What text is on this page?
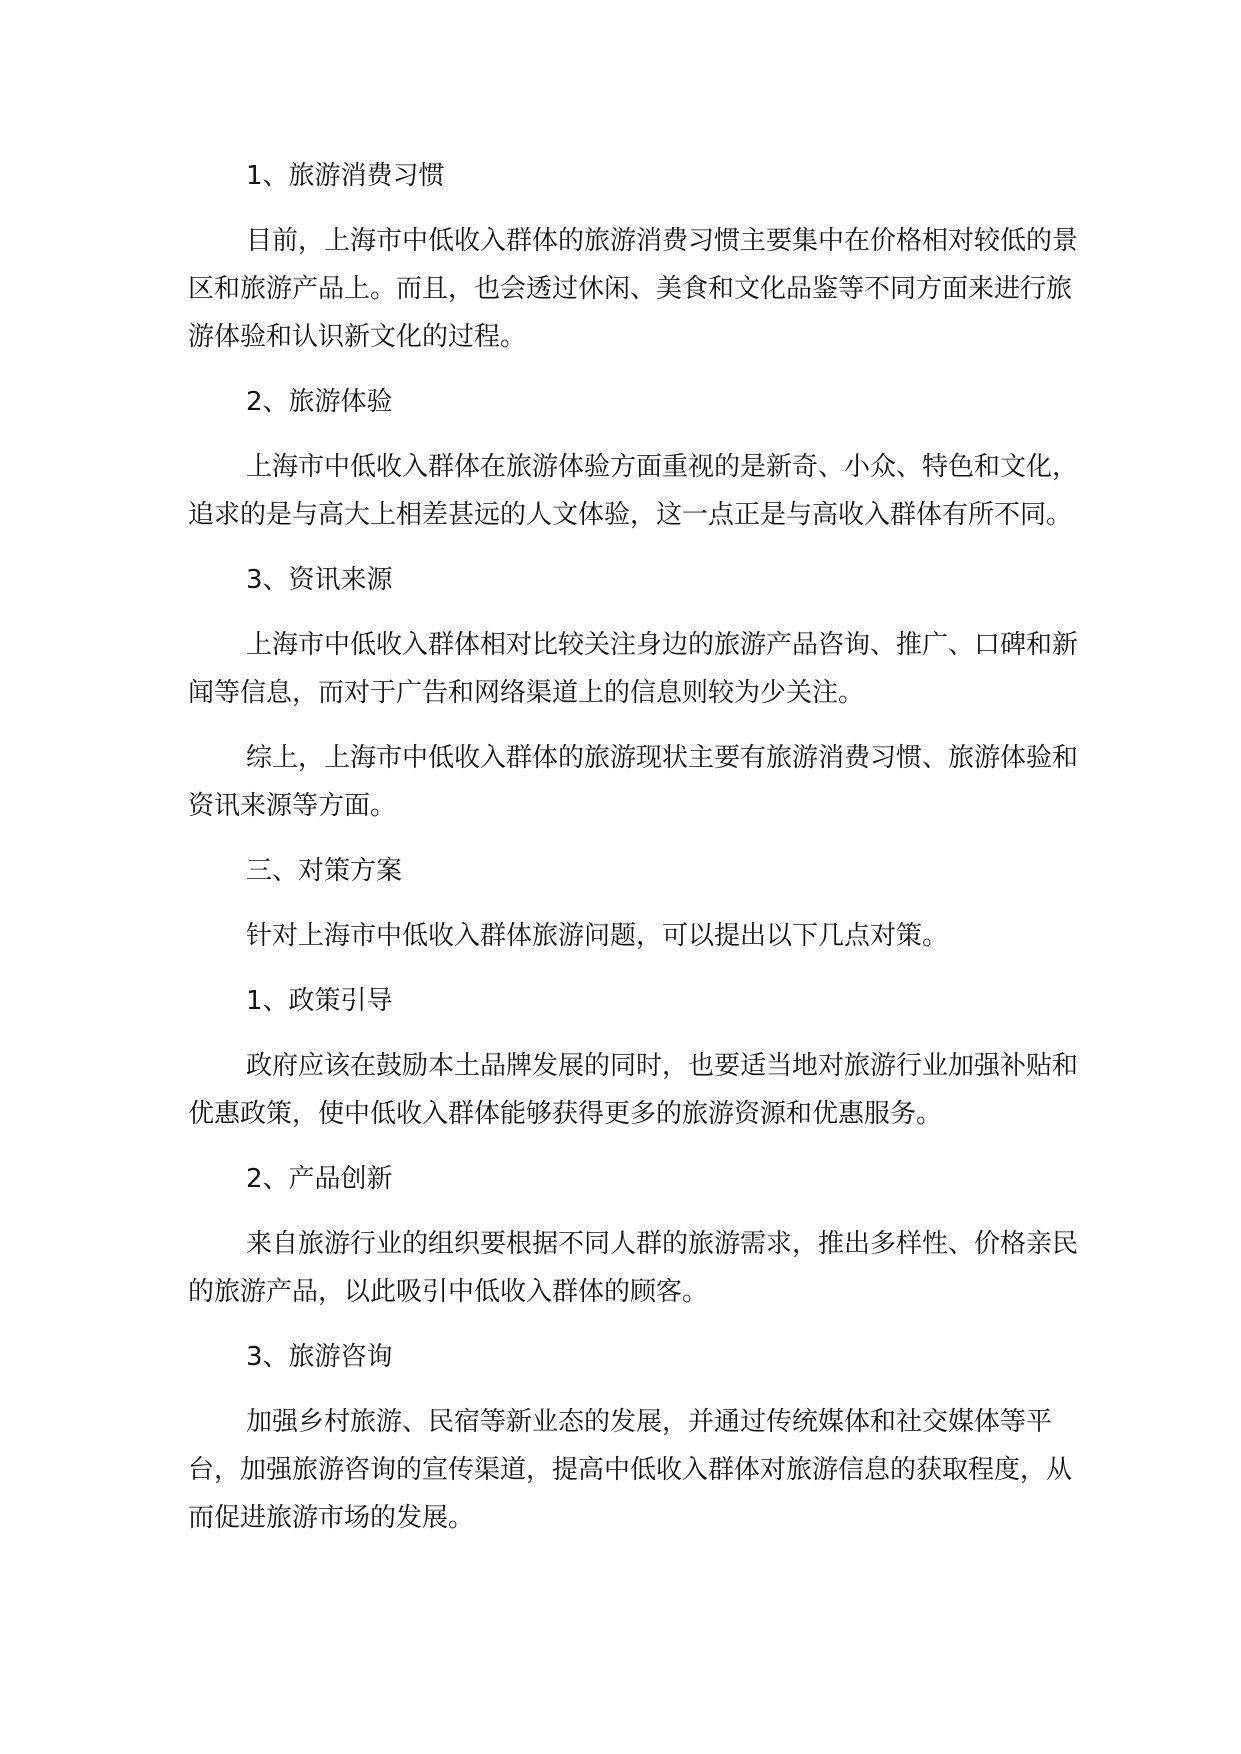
1、旅游消费习惯

目前，上海市中低收入群体的旅游消费习惯主要集中在价格相对较低的景区和旅游产品上。而且，也会透过休闲、美食和文化品鉴等不同方面来进行旅游体验和认识新文化的过程。

2、旅游体验

上海市中低收入群体在旅游体验方面重视的是新奇、小众、特色和文化，追求的是与高大上相差甚远的人文体验，这一点正是与高收入群体有所不同。

3、资讯来源

上海市中低收入群体相对比较关注身边的旅游产品咨询、推广、口碑和新闻等信息，而对于广告和网络渠道上的信息则较为少关注。

综上，上海市中低收入群体的旅游现状主要有旅游消费习惯、旅游体验和资讯来源等方面。

三、对策方案

针对上海市中低收入群体旅游问题，可以提出以下几点对策。

1、政策引导

政府应该在鼓励本土品牌发展的同时，也要适当地对旅游行业加强补贴和优惠政策，使中低收入群体能够获得更多的旅游资源和优惠服务。

2、产品创新

来自旅游行业的组织要根据不同人群的旅游需求，推出多样性、价格亲民的旅游产品，以此吸引中低收入群体的顾客。

3、旅游咨询

加强乡村旅游、民宿等新业态的发展，并通过传统媒体和社交媒体等平台，加强旅游咨询的宣传渠道，提高中低收入群体对旅游信息的获取程度，从而促进旅游市场的发展。
